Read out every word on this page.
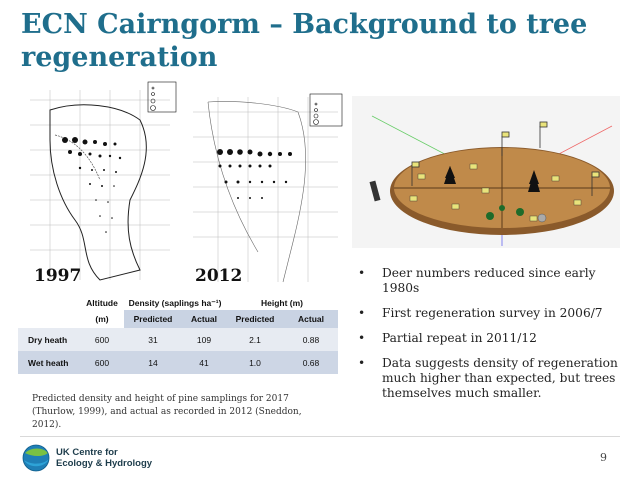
ECN Cairngorm – Background to tree regeneration
1997	2012	• Deer numbers reduced since early 1980s
• First regeneration survey in 2006/7
• Partial repeat in 2011/12
• Data suggests density of regeneration much higher than expected, but trees themselves much smaller.
	Altitude	Density (saplings ha⁻¹)		Height (m)	
	(m)	Predicted	Actual	Predicted	Actual
Dry heath	600	31	109	2.1	0.88
Wet heath	600	14	41	1.0	0.68

Predicted density and height of pine samplings for 2017 (Thurlow, 1999), and actual as recorded in 2012 (Sneddon, 2012).

UK Centre for
Ecology & Hydrology	9
